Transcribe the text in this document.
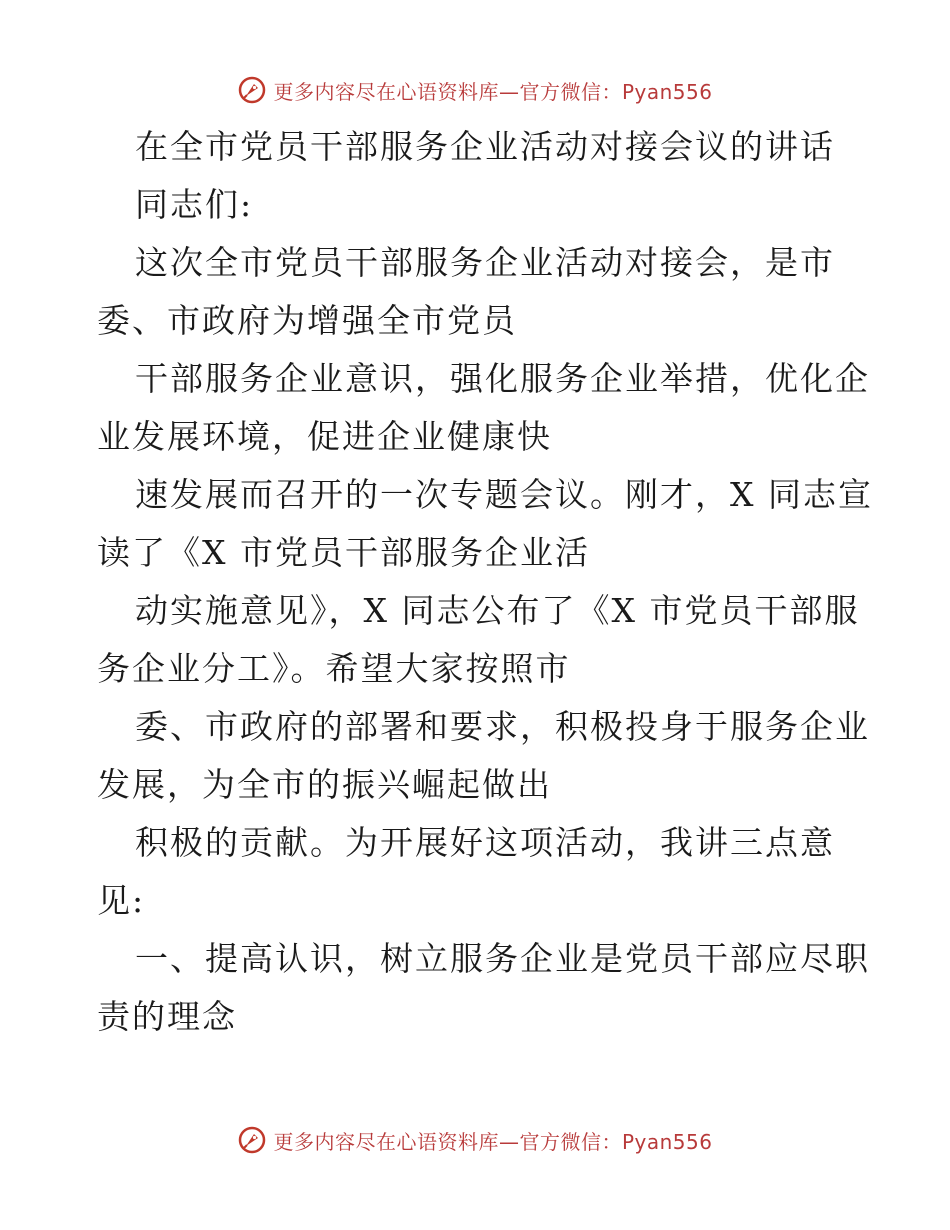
更多内容尽在心语资料库—官方微信：Pyan556
在全市党员干部服务企业活动对接会议的讲话
同志们:
这次全市党员干部服务企业活动对接会，是市
委、市政府为增强全市党员
干部服务企业意识，强化服务企业举措，优化企
业发展环境，促进企业健康快
速发展而召开的一次专题会议。刚才，X 同志宣
读了《X 市党员干部服务企业活
动实施意见》，X 同志公布了《X 市党员干部服
务企业分工》。希望大家按照市
委、市政府的部署和要求，积极投身于服务企业
发展，为全市的振兴崛起做出
积极的贡献。为开展好这项活动，我讲三点意
见:
一、提高认识，树立服务企业是党员干部应尽职
责的理念
更多内容尽在心语资料库—官方微信：Pyan556
